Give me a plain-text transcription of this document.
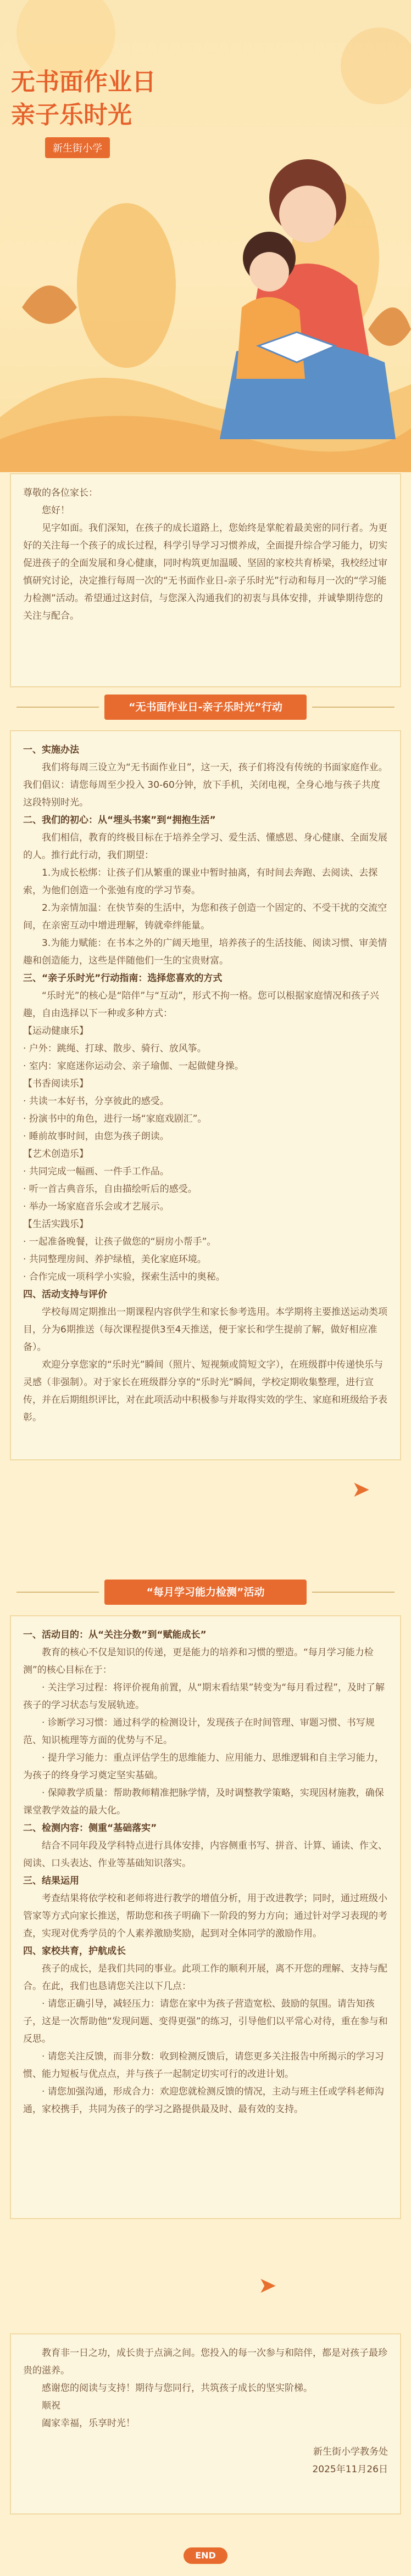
无书面作业日
亲子乐时光
新生街小学

尊敬的各位家长：

您好！

见字如面。我们深知，在孩子的成长道路上，您始终是掌舵着最美密的同行者。为更好的关注每一个孩子的成长过程，科学引导学习习惯养成，全面提升综合学习能力，切实促进孩子的全面发展和身心健康，同时构筑更加温暖、坚固的家校共育桥梁，我校经过审慎研究讨论，决定推行每周一次的“无书面作业日-亲子乐时光”行动和每月一次的“学习能力检测”活动。希望通过这封信，与您深入沟通我们的初衷与具体安排，并诚挚期待您的关注与配合。

“无书面作业日-亲子乐时光”行动

一、实施办法

我们将每周三设立为“无书面作业日”，这一天，孩子们将没有传统的书面家庭作业。我们倡议：请您每周至少投入 30-60分钟，放下手机，关闭电视，全身心地与孩子共度这段特别时光。

二、我们的初心：从“埋头书案”到“拥抱生活”

我们相信，教育的终极目标在于培养全学习、爱生活、懂感恩、身心健康、全面发展的人。推行此行动，我们期望：

1.为成长松绑：让孩子们从繁重的课业中暂时抽离，有时间去奔跑、去阅读、去探索，为他们创造一个张弛有度的学习节奏。

2.为亲情加温：在快节奏的生活中，为您和孩子创造一个固定的、不受干扰的交流空间，在亲密互动中增进理解，铸就牵绊能量。

3.为能力赋能：在书本之外的广阔天地里，培养孩子的生活技能、阅读习惯、审美情趣和创造能力，这些是伴随他们一生的宝贵财富。

三、“亲子乐时光”行动指南：选择您喜欢的方式

“乐时光”的核心是“陪伴”与“互动”，形式不拘一格。您可以根据家庭情况和孩子兴趣，自由选择以下一种或多种方式：

【运动健康乐】

· 户外：跳绳、打球、散步、骑行、放风筝。

· 室内：家庭迷你运动会、亲子瑜伽、一起做健身操。

【书香阅读乐】

· 共读一本好书，分享彼此的感受。

· 扮演书中的角色，进行一场“家庭戏剧汇”。

· 睡前故事时间，由您为孩子朗读。

【艺术创造乐】

· 共同完成一幅画、一件手工作品。

· 听一首古典音乐，自由描绘听后的感受。

· 举办一场家庭音乐会或才艺展示。

【生活实践乐】

· 一起准备晚餐，让孩子做您的“厨房小帮手”。

· 共同整理房间、养护绿植，美化家庭环境。

· 合作完成一项科学小实验，探索生活中的奥秘。

四、活动支持与评价

学校每周定期推出一期课程内容供学生和家长参考选用。本学期将主要推送运动类项目，分为6期推送（每次课程提供3至4天推送，便于家长和学生提前了解，做好相应准备）。

欢迎分享您家的“乐时光”瞬间（照片、短视频或简短文字），在班级群中传递快乐与灵感（非强制）。对于家长在班级群分享的“乐时光”瞬间，学校定期收集整理，进行宣传，并在后期组织评比，对在此项活动中积极参与并取得实效的学生、家庭和班级给予表彰。

➤
“每月学习能力检测”活动

一、活动目的：从“关注分数”到“赋能成长”

教育的核心不仅是知识的传递，更是能力的培养和习惯的塑造。“每月学习能力检测”的核心目标在于：

· 关注学习过程：将评价视角前置，从“期末看结果”转变为“每月看过程”，及时了解孩子的学习状态与发展轨迹。

· 诊断学习习惯：通过科学的检测设计，发现孩子在时间管理、审题习惯、书写规范、知识梳理等方面的优势与不足。

· 提升学习能力：重点评估学生的思维能力、应用能力、思维逻辑和自主学习能力，为孩子的终身学习奠定坚实基础。

· 保障教学质量：帮助教师精准把脉学情，及时调整教学策略，实现因材施教，确保课堂教学效益的最大化。

二、检测内容：侧重“基础落实”

结合不同年段及学科特点进行具体安排，内容侧重书写、拼音、计算、诵读、作文、阅读、口头表达、作业等基础知识落实。

三、结果运用

考查结果将依学校和老师将进行教学的增值分析，用于改进教学；同时，通过班级小管家等方式向家长推送，帮助您和孩子明确下一阶段的努力方向；通过针对学习表现的考查，实现对优秀学员的个人素养激励奖励，起到对全体同学的激励作用。

四、家校共育，护航成长

孩子的成长，是我们共同的事业。此项工作的顺利开展，离不开您的理解、支持与配合。在此，我们也恳请您关注以下几点：

· 请您正确引导，减轻压力：请您在家中为孩子营造宽松、鼓励的氛围。请告知孩子，这是一次帮助他“发现问题、变得更强”的练习，引导他们以平常心对待，重在参与和反思。

· 请您关注反馈，而非分数：收到检测反馈后，请您更多关注报告中所揭示的学习习惯、能力短板与优点点，并与孩子一起制定切实可行的改进计划。

· 请您加强沟通，形成合力：欢迎您就检测反馈的情况，主动与班主任或学科老师沟通，家校携手，共同为孩子的学习之路提供最及时、最有效的支持。

➤

教育非一日之功，成长贵于点滴之间。您投入的每一次参与和陪伴，都是对孩子最珍贵的滋养。

感谢您的阅读与支持！期待与您同行，共筑孩子成长的坚实阶梯。

顺祝

阖家幸福，乐享时光！

新生街小学教务处

2025年11月26日

END
